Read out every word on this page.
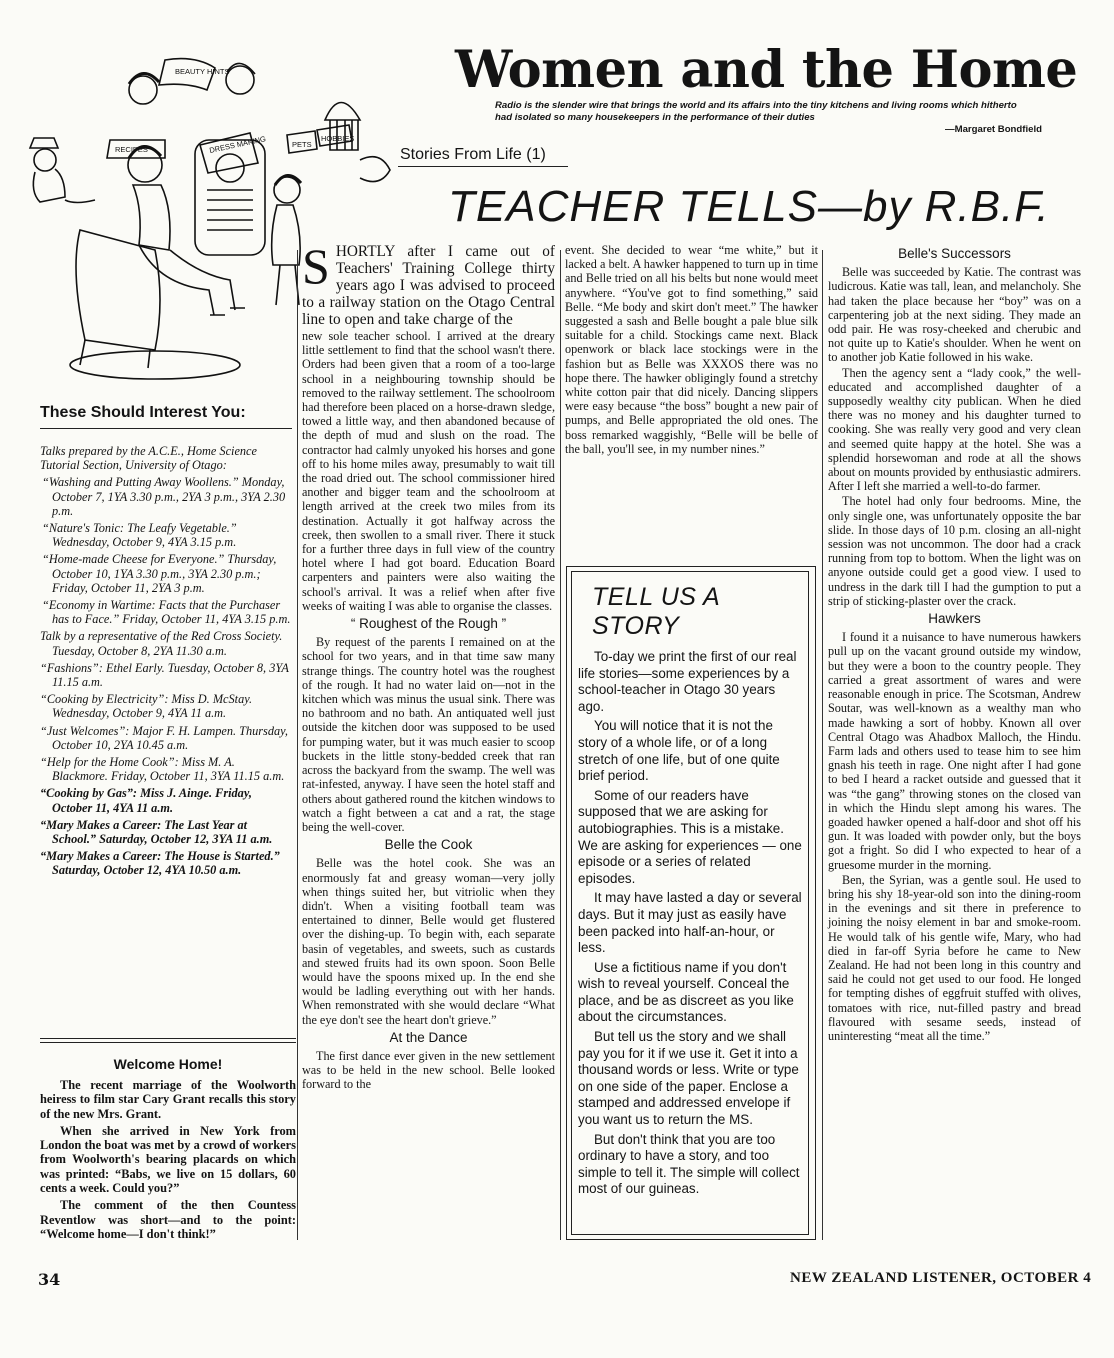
Women and the Home
Radio is the slender wire that brings the world and its affairs into the tiny kitchens and living rooms which hitherto had isolated so many housekeepers in the performance of their duties
—Margaret Bondfield
BEAUTY HINTS
DRESS MAKING
RECIPES
PETS
HOBBIES
Stories From Life (1)
TEACHER TELLS—by R.B.F.
These Should Interest You:

Talks prepared by the A.C.E., Home Science Tutorial Section, University of Otago:

“Washing and Putting Away Woollens.” Monday, October 7, 1YA 3.30 p.m., 2YA 3 p.m., 3YA 2.30 p.m.

“Nature's Tonic: The Leafy Vegetable.” Wednesday, October 9, 4YA 3.15 p.m.

“Home-made Cheese for Everyone.” Thursday, October 10, 1YA 3.30 p.m., 3YA 2.30 p.m.; Friday, October 11, 2YA 3 p.m.

“Economy in Wartime: Facts that the Purchaser has to Face.” Friday, October 11, 4YA 3.15 p.m.

Talk by a representative of the Red Cross Society. Tuesday, October 8, 2YA 11.30 a.m.

“Fashions”: Ethel Early. Tuesday, October 8, 3YA 11.15 a.m.

“Cooking by Electricity”: Miss D. McStay. Wednesday, October 9, 4YA 11 a.m.

“Just Welcomes”: Major F. H. Lampen. Thursday, October 10, 2YA 10.45 a.m.

“Help for the Home Cook”: Miss M. A. Blackmore. Friday, October 11, 3YA 11.15 a.m.

“Cooking by Gas”: Miss J. Ainge. Friday, October 11, 4YA 11 a.m.

“Mary Makes a Career: The Last Year at School.” Saturday, October 12, 3YA 11 a.m.

“Mary Makes a Career: The House is Started.” Saturday, October 12, 4YA 10.50 a.m.

Welcome Home!

The recent marriage of the Woolworth heiress to film star Cary Grant recalls this story of the new Mrs. Grant.

When she arrived in New York from London the boat was met by a crowd of workers from Woolworth's bearing placards on which was printed: “Babs, we live on 15 dollars, 60 cents a week. Could you?”

The comment of the then Countess Reventlow was short—and to the point: “Welcome home—I don't think!”

SHORTLY after I came out of Teachers' Training College thirty years ago I was advised to proceed to a railway station on the Otago Central line to open and take charge of the

new sole teacher school. I arrived at the dreary little settlement to find that the school wasn't there. Orders had been given that a room of a too-large school in a neighbouring township should be removed to the railway settlement. The schoolroom had therefore been placed on a horse-drawn sledge, towed a little way, and then abandoned because of the depth of mud and slush on the road. The contractor had calmly unyoked his horses and gone off to his home miles away, presumably to wait till the road dried out. The school commissioner hired another and bigger team and the schoolroom at length arrived at the creek two miles from its destination. Actually it got halfway across the creek, then swollen to a small river. There it stuck for a further three days in full view of the country hotel where I had got board. Education Board carpenters and painters were also waiting the school's arrival. It was a relief when after five weeks of waiting I was able to organise the classes.

“ Roughest of the Rough ”

By request of the parents I remained on at the school for two years, and in that time saw many strange things. The country hotel was the roughest of the rough. It had no water laid on—not in the kitchen which was minus the usual sink. There was no bathroom and no bath. An antiquated well just outside the kitchen door was supposed to be used for pumping water, but it was much easier to scoop buckets in the little stony-bedded creek that ran across the backyard from the swamp. The well was rat-infested, anyway. I have seen the hotel staff and others about gathered round the kitchen windows to watch a fight between a cat and a rat, the stage being the well-cover.

Belle the Cook

Belle was the hotel cook. She was an enormously fat and greasy woman—very jolly when things suited her, but vitriolic when they didn't. When a visiting football team was entertained to dinner, Belle would get flustered over the dishing-up. To begin with, each separate basin of vegetables, and sweets, such as custards and stewed fruits had its own spoon. Soon Belle would have the spoons mixed up. In the end she would be ladling everything out with her hands. When remonstrated with she would declare “What the eye don't see the heart don't grieve.”

At the Dance

The first dance ever given in the new settlement was to be held in the new school. Belle looked forward to the

event. She decided to wear “me white,” but it lacked a belt. A hawker happened to turn up in time and Belle tried on all his belts but none would meet anywhere. “You've got to find something,” said Belle. “Me body and skirt don't meet.” The hawker suggested a sash and Belle bought a pale blue silk suitable for a child. Stockings came next. Black openwork or black lace stockings were in the fashion but as Belle was XXXOS there was no hope there. The hawker obligingly found a stretchy white cotton pair that did nicely. Dancing slippers were easy because “the boss” bought a new pair of pumps, and Belle appropriated the old ones. The boss remarked waggishly, “Belle will be belle of the ball, you'll see, in my number nines.”

TELL US A STORY

To-day we print the first of our real life stories—some experiences by a school-teacher in Otago 30 years ago.

You will notice that it is not the story of a whole life, or of a long stretch of one life, but of one quite brief period.

Some of our readers have supposed that we are asking for autobiographies. This is a mistake. We are asking for experiences — one episode or a series of related episodes.

It may have lasted a day or several days. But it may just as easily have been packed into half-an-hour, or less.

Use a fictitious name if you don't wish to reveal yourself. Conceal the place, and be as discreet as you like about the circumstances.

But tell us the story and we shall pay you for it if we use it. Get it into a thousand words or less. Write or type on one side of the paper. Enclose a stamped and addressed envelope if you want us to return the MS.

But don't think that you are too ordinary to have a story, and too simple to tell it. The simple will collect most of our guineas.

Belle's Successors

Belle was succeeded by Katie. The contrast was ludicrous. Katie was tall, lean, and melancholy. She had taken the place because her “boy” was on a carpentering job at the next siding. They made an odd pair. He was rosy-cheeked and cherubic and not quite up to Katie's shoulder. When he went on to another job Katie followed in his wake.

Then the agency sent a “lady cook,” the well-educated and accomplished daughter of a supposedly wealthy city publican. When he died there was no money and his daughter turned to cooking. She was really very good and very clean and seemed quite happy at the hotel. She was a splendid horsewoman and rode at all the shows about on mounts provided by enthusiastic admirers. After I left she married a well-to-do farmer.

The hotel had only four bedrooms. Mine, the only single one, was unfortunately opposite the bar slide. In those days of 10 p.m. closing an all-night session was not uncommon. The door had a crack running from top to bottom. When the light was on anyone outside could get a good view. I used to undress in the dark till I had the gumption to put a strip of sticking-plaster over the crack.

Hawkers

I found it a nuisance to have numerous hawkers pull up on the vacant ground outside my window, but they were a boon to the country people. They carried a great assortment of wares and were reasonable enough in price. The Scotsman, Andrew Soutar, was well-known as a wealthy man who made hawking a sort of hobby. Known all over Central Otago was Ahadbox Malloch, the Hindu. Farm lads and others used to tease him to see him gnash his teeth in rage. One night after I had gone to bed I heard a racket outside and guessed that it was “the gang” throwing stones on the closed van in which the Hindu slept among his wares. The goaded hawker opened a half-door and shot off his gun. It was loaded with powder only, but the boys got a fright. So did I who expected to hear of a gruesome murder in the morning.

Ben, the Syrian, was a gentle soul. He used to bring his shy 18-year-old son into the dining-room in the evenings and sit there in preference to joining the noisy element in bar and smoke-room. He would talk of his gentle wife, Mary, who had died in far-off Syria before he came to New Zealand. He had not been long in this country and said he could not get used to our food. He longed for tempting dishes of eggfruit stuffed with olives, tomatoes with rice, nut-filled pastry and bread flavoured with sesame seeds, instead of uninteresting “meat all the time.”

34	NEW ZEALAND LISTENER, OCTOBER 4
